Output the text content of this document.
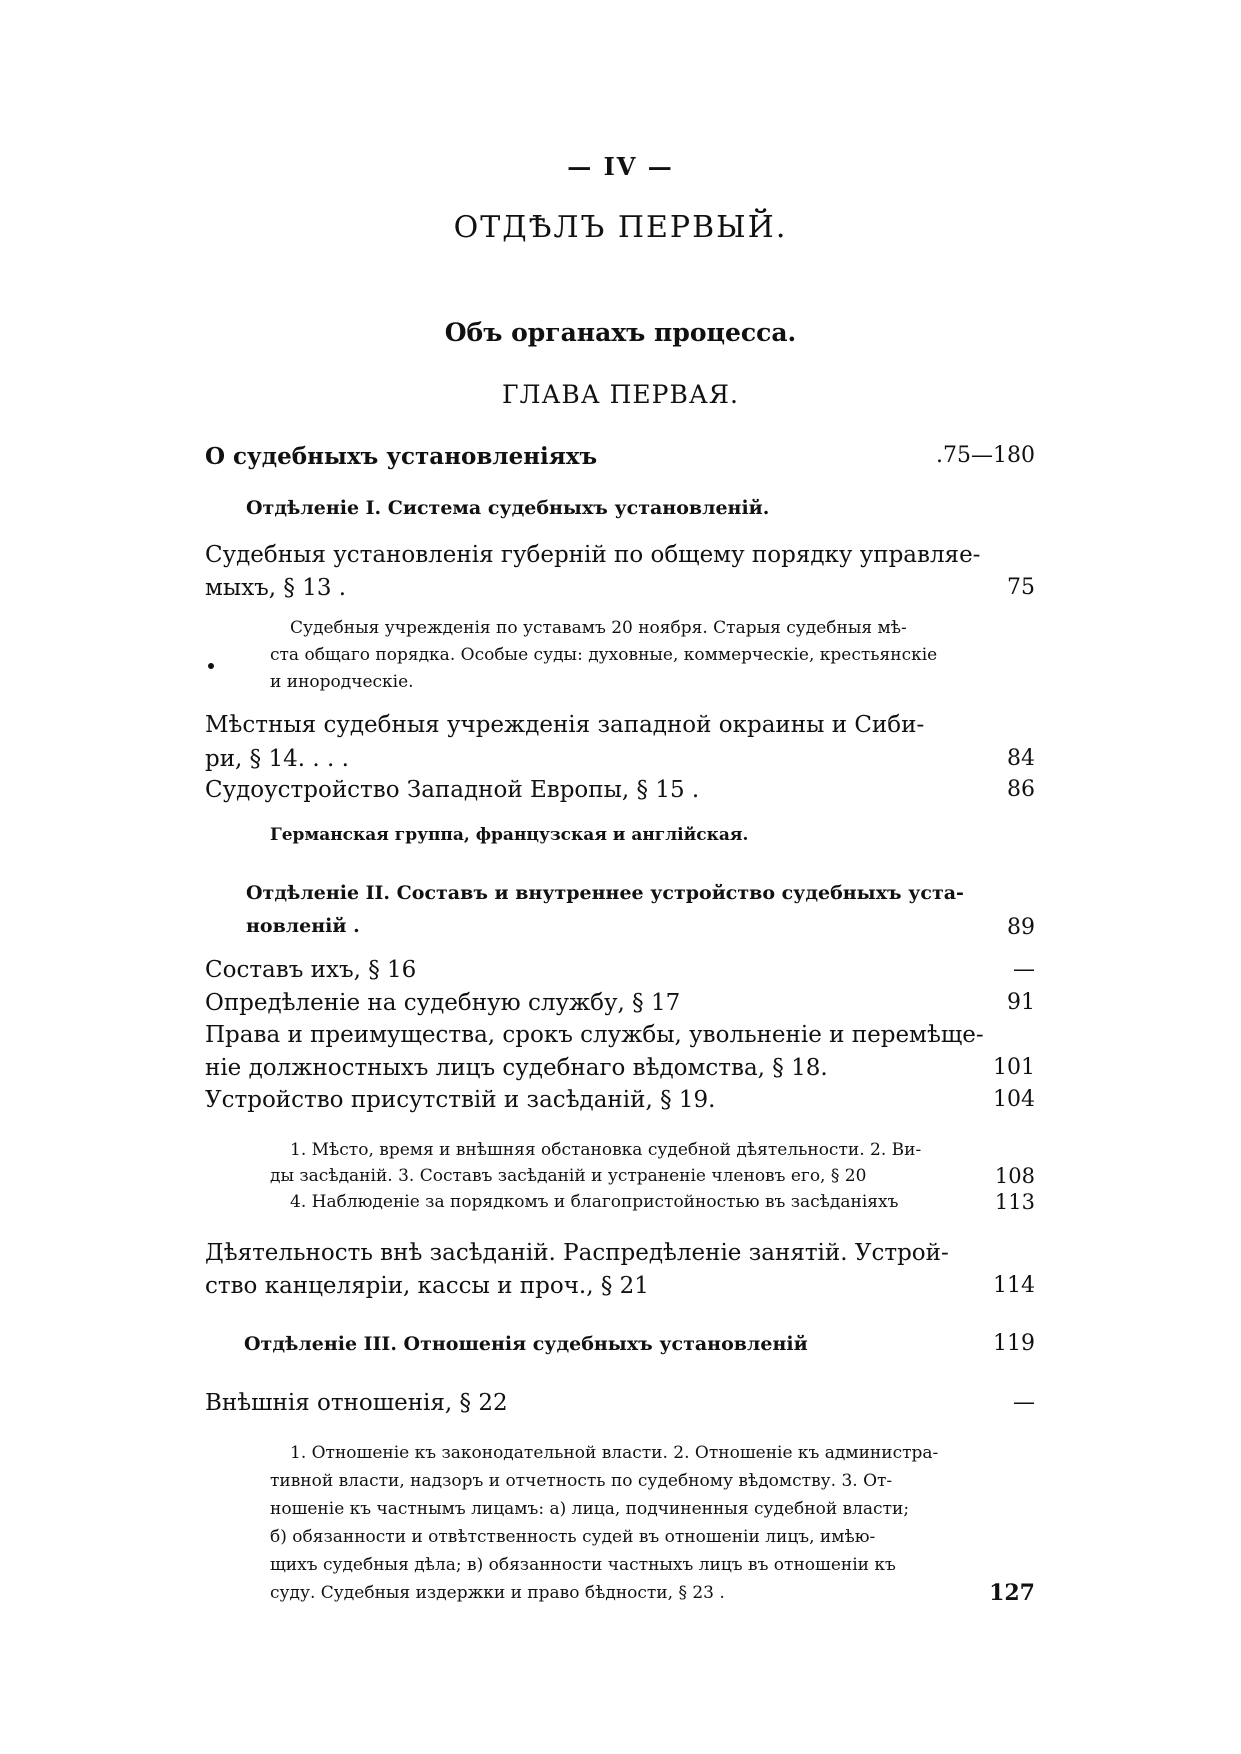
— IV —
ОТДѢЛЪ ПЕРВЫЙ.
Объ органахъ процесса.
ГЛАВА ПЕРВАЯ.
О судебныхъ установленіяхъ	.75—180
Отдѣленіе I. Система судебныхъ установленій.
Судебныя установленія губерній по общему порядку управляе-
мыхъ, § 13 .	75
Судебныя учрежденія по уставамъ 20 ноября. Старыя судебныя мѣ-
ста общаго порядка. Особые суды: духовные, коммерческіе, крестьянскіе
и инородческіе.
Мѣстныя судебныя учрежденія западной окраины и Сиби-
ри, § 14. . . .	84
Судоустройство Западной Европы, § 15 .	86
Германская группа, французская и англійская.
Отдѣленіе II. Составъ и внутреннее устройство судебныхъ уста-
новленій .	89
Составъ ихъ, § 16	—
Опредѣленіе на судебную службу, § 17	91
Права и преимущества, срокъ службы, увольненіе и перемѣще-
ніе должностныхъ лицъ судебнаго вѣдомства, § 18.	101
Устройство присутствій и засѣданій, § 19.	104
1. Мѣсто, время и внѣшняя обстановка судебной дѣятельности. 2. Ви-
ды засѣданій. 3. Составъ засѣданій и устраненіе членовъ его, § 20	108
4. Наблюденіе за порядкомъ и благопристойностью въ засѣданіяхъ	113
Дѣятельность внѣ засѣданій. Распредѣленіе занятій. Устрой-
ство канцеляріи, кассы и проч., § 21	114
Отдѣленіе III. Отношенія судебныхъ установленій	119
Внѣшнія отношенія, § 22	—
1. Отношеніе къ законодательной власти. 2. Отношеніе къ администра-
тивной власти, надзоръ и отчетность по судебному вѣдомству. 3. От-
ношеніе къ частнымъ лицамъ: а) лица, подчиненныя судебной власти;
б) обязанности и отвѣтственность судей въ отношеніи лицъ, имѣю-
щихъ судебныя дѣла; в) обязанности частныхъ лицъ въ отношеніи къ
суду. Судебныя издержки и право бѣдности, § 23 .	127
